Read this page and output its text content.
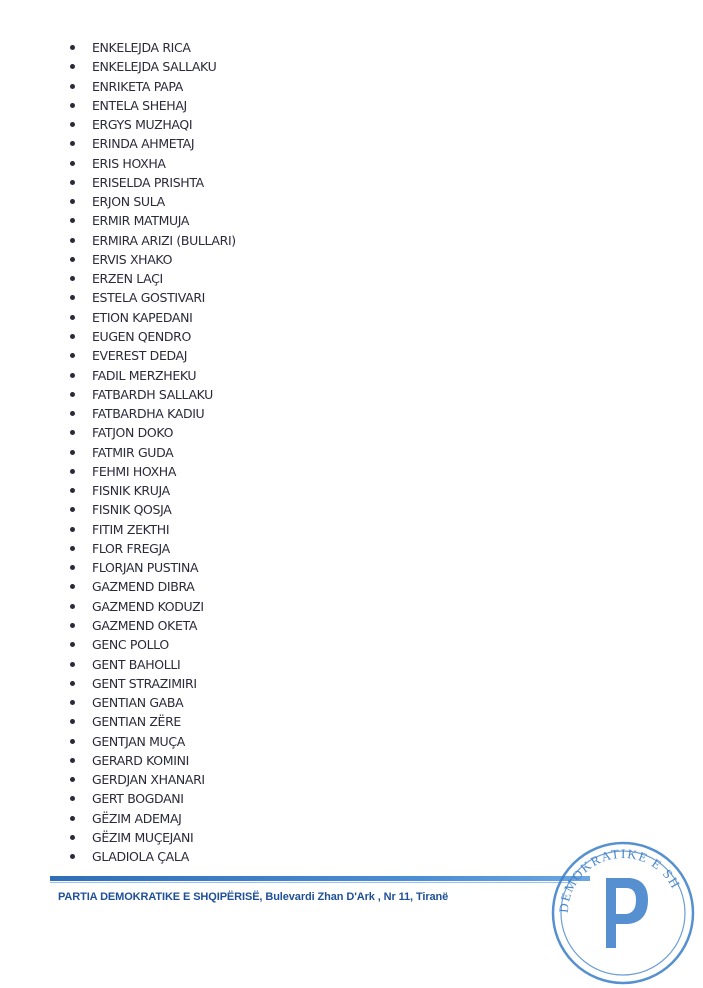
ENKELEJDA RICA
ENKELEJDA SALLAKU
ENRIKETA PAPA
ENTELA SHEHAJ
ERGYS MUZHAQI
ERINDA AHMETAJ
ERIS HOXHA
ERISELDA PRISHTA
ERJON SULA
ERMIR MATMUJA
ERMIRA ARIZI (BULLARI)
ERVIS XHAKO
ERZEN LAÇI
ESTELA GOSTIVARI
ETION KAPEDANI
EUGEN QENDRO
EVEREST DEDAJ
FADIL MERZHEKU
FATBARDH SALLAKU
FATBARDHA KADIU
FATJON DOKO
FATMIR GUDA
FEHMI HOXHA
FISNIK KRUJA
FISNIK QOSJA
FITIM ZEKTHI
FLOR FREGJA
FLORJAN PUSTINA
GAZMEND DIBRA
GAZMEND KODUZI
GAZMEND OKETA
GENC POLLO
GENT BAHOLLI
GENT STRAZIMIRI
GENTIAN GABA
GENTIAN ZËRE
GENTJAN MUÇA
GERARD KOMINI
GERDJAN XHANARI
GERT BOGDANI
GËZIM ADEMAJ
GËZIM MUÇEJANI
GLADIOLA ÇALA
PARTIA DEMOKRATIKE E SHQIPËRISË, Bulevardi Zhan D'Ark , Nr 11, Tiranë
DEMOKRATIKE E SH
